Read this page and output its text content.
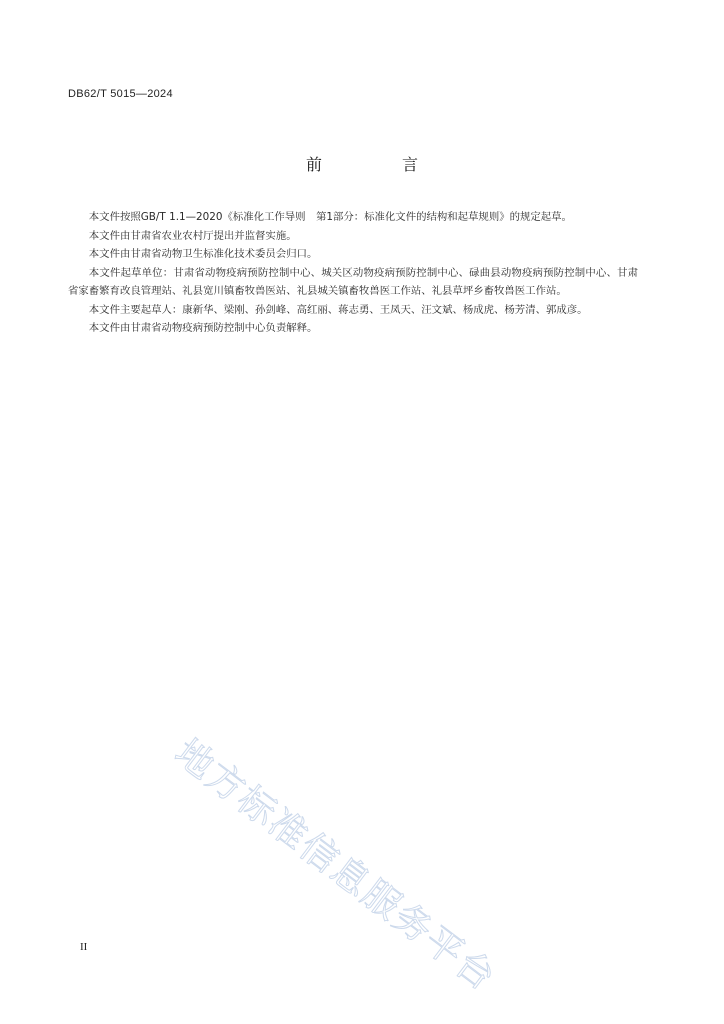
DB62/T 5015—2024
前　言

本文件按照GB/T 1.1—2020《标准化工作导则　第1部分：标准化文件的结构和起草规则》的规定起草。

本文件由甘肃省农业农村厅提出并监督实施。

本文件由甘肃省动物卫生标准化技术委员会归口。

本文件起草单位：甘肃省动物疫病预防控制中心、城关区动物疫病预防控制中心、碌曲县动物疫病预防控制中心、甘肃省家畜繁育改良管理站、礼县宽川镇畜牧兽医站、礼县城关镇畜牧兽医工作站、礼县草坪乡畜牧兽医工作站。

本文件主要起草人：康新华、梁刚、孙剑峰、高红丽、蒋志勇、王凤天、汪文斌、杨成虎、杨芳清、郭成彦。

本文件由甘肃省动物疫病预防控制中心负责解释。

地方标准信息服务平台
II
